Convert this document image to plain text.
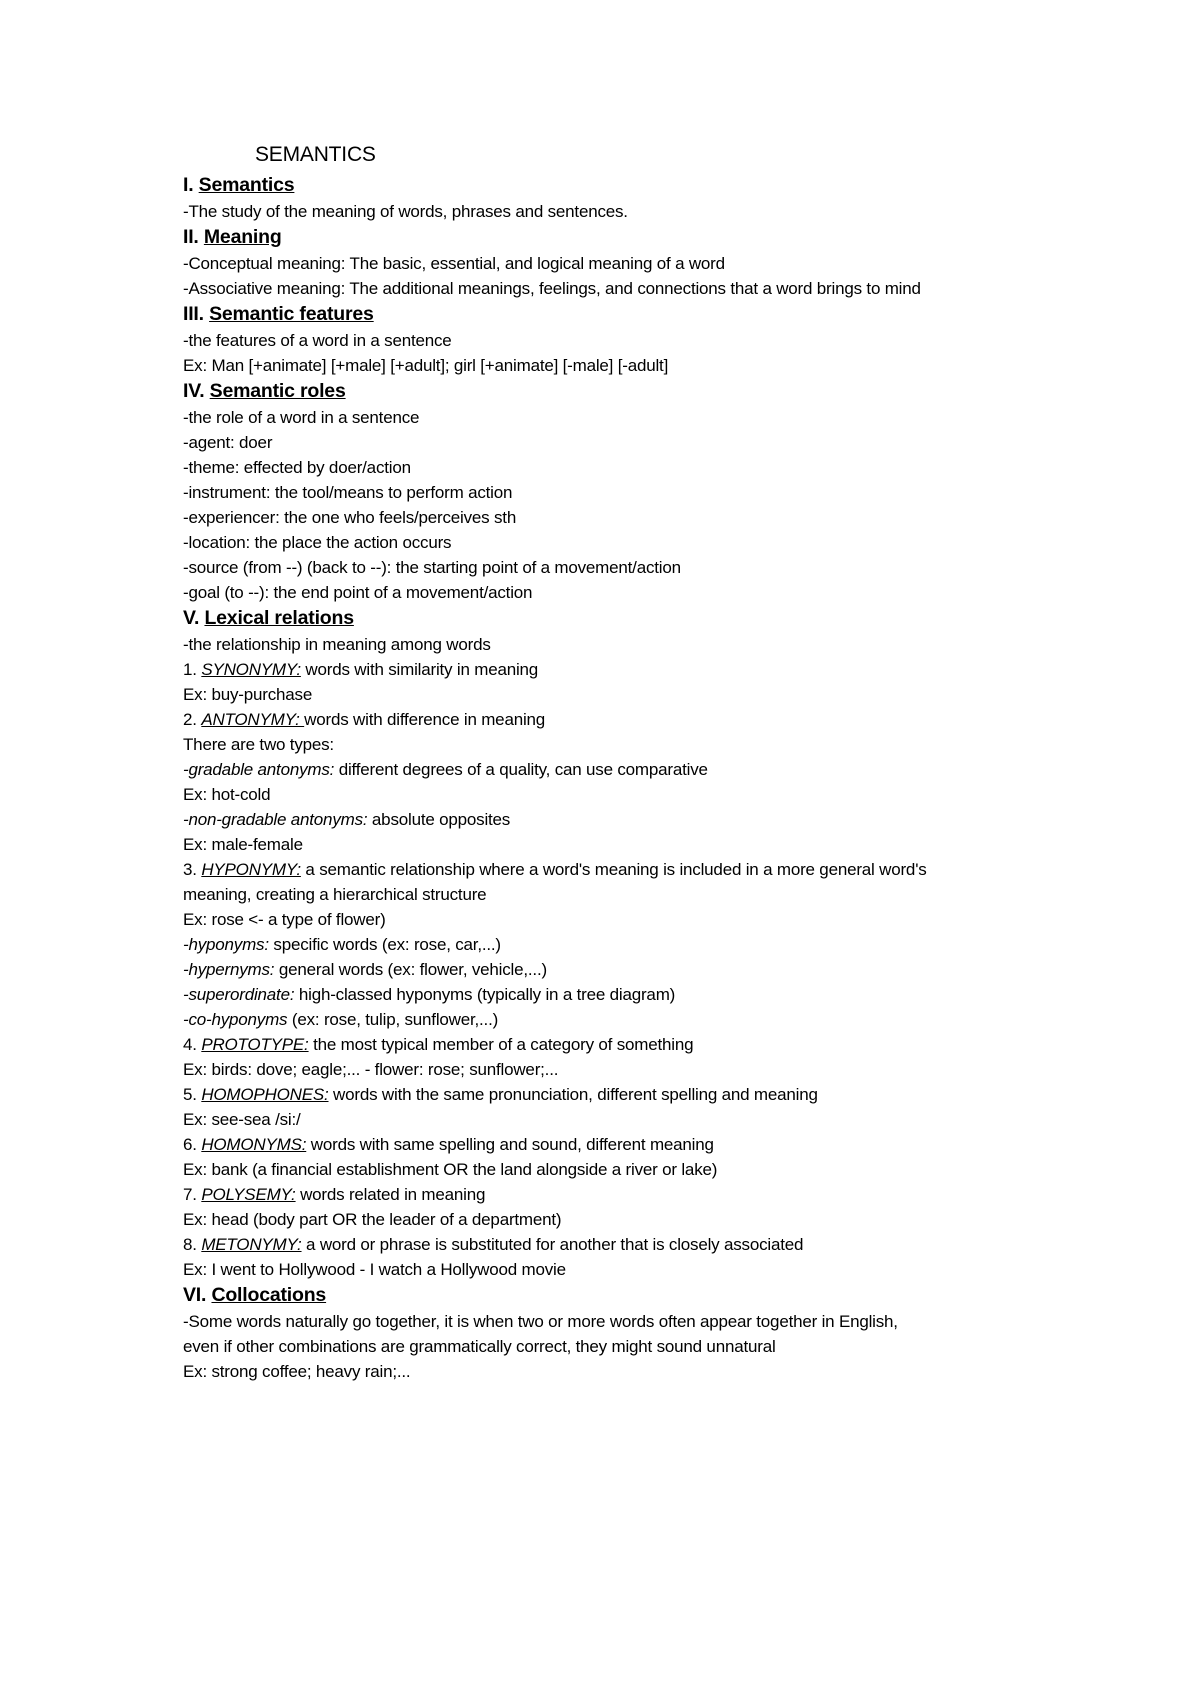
SEMANTICS

I. Semantics

-The study of the meaning of words, phrases and sentences.

II. Meaning

-Conceptual meaning: The basic, essential, and logical meaning of a word

-Associative meaning: The additional meanings, feelings, and connections that a word brings to mind

III. Semantic features

-the features of a word in a sentence

Ex: Man [+animate] [+male] [+adult]; girl [+animate] [-male] [-adult]

IV. Semantic roles

-the role of a word in a sentence

-agent: doer

-theme: effected by doer/action

-instrument: the tool/means to perform action

-experiencer: the one who feels/perceives sth

-location: the place the action occurs

-source (from --) (back to --): the starting point of a movement/action

-goal (to --): the end point of a movement/action

V. Lexical relations

-the relationship in meaning among words

1. SYNONYMY: words with similarity in meaning

Ex: buy-purchase

2. ANTONYMY: words with difference in meaning

There are two types:

-gradable antonyms: different degrees of a quality, can use comparative

Ex: hot-cold

-non-gradable antonyms: absolute opposites

Ex: male-female

3. HYPONYMY: a semantic relationship where a word's meaning is included in a more general word's

meaning, creating a hierarchical structure

Ex: rose <- a type of flower)

-hyponyms: specific words (ex: rose, car,...)

-hypernyms: general words (ex: flower, vehicle,...)

-superordinate: high-classed hyponyms (typically in a tree diagram)

-co-hyponyms (ex: rose, tulip, sunflower,...)

4. PROTOTYPE: the most typical member of a category of something

Ex: birds: dove; eagle;... - flower: rose; sunflower;...

5. HOMOPHONES: words with the same pronunciation, different spelling and meaning

Ex: see-sea /si:/

6. HOMONYMS: words with same spelling and sound, different meaning

Ex: bank (a financial establishment OR the land alongside a river or lake)

7. POLYSEMY: words related in meaning

Ex: head (body part OR the leader of a department)

8. METONYMY: a word or phrase is substituted for another that is closely associated

Ex: I went to Hollywood - I watch a Hollywood movie

VI. Collocations

-Some words naturally go together, it is when two or more words often appear together in English,

even if other combinations are grammatically correct, they might sound unnatural

Ex: strong coffee; heavy rain;...
